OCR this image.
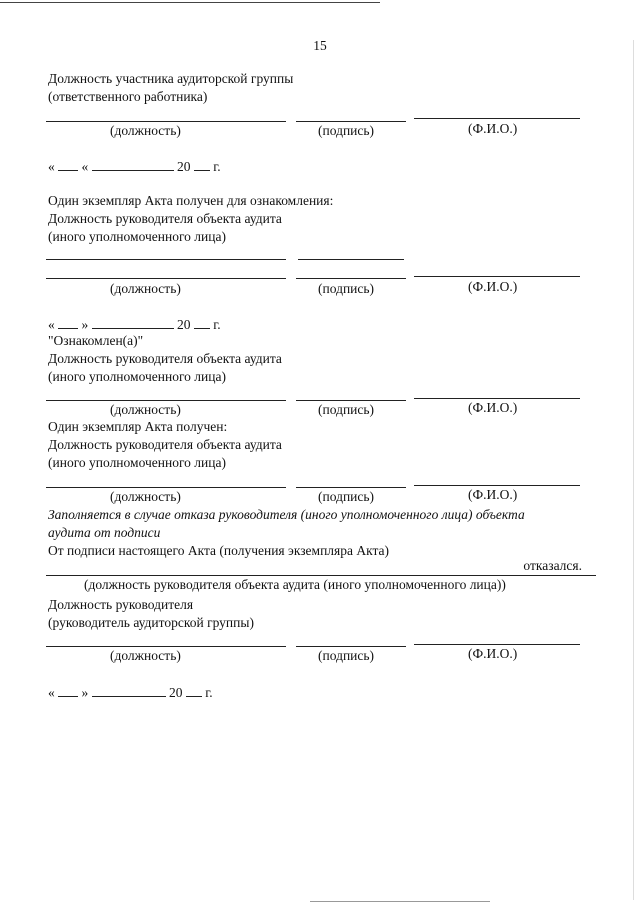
15
Должность участника аудиторской группы
(ответственного работника)
(должность)	(подпись)	(Ф.И.О.)
« «	20 г.
Один экземпляр Акта получен для ознакомления:
Должность руководителя объекта аудита
(иного уполномоченного лица)
(должность)	(подпись)	(Ф.И.О.)
« »	20 г.
"Ознакомлен(а)"
Должность руководителя объекта аудита
(иного уполномоченного лица)
(должность)	(подпись)	(Ф.И.О.)
Один экземпляр Акта получен:
Должность руководителя объекта аудита
(иного уполномоченного лица)
(должность)	(подпись)	(Ф.И.О.)
Заполняется в случае отказа руководителя (иного уполномоченного лица) объекта
аудита от подписи
От подписи настоящего Акта (получения экземпляра Акта)
отказался.
(должность руководителя объекта аудита (иного уполномоченного лица))
Должность руководителя
(руководитель аудиторской группы)
(должность)	(подпись)	(Ф.И.О.)
« »	20 г.
